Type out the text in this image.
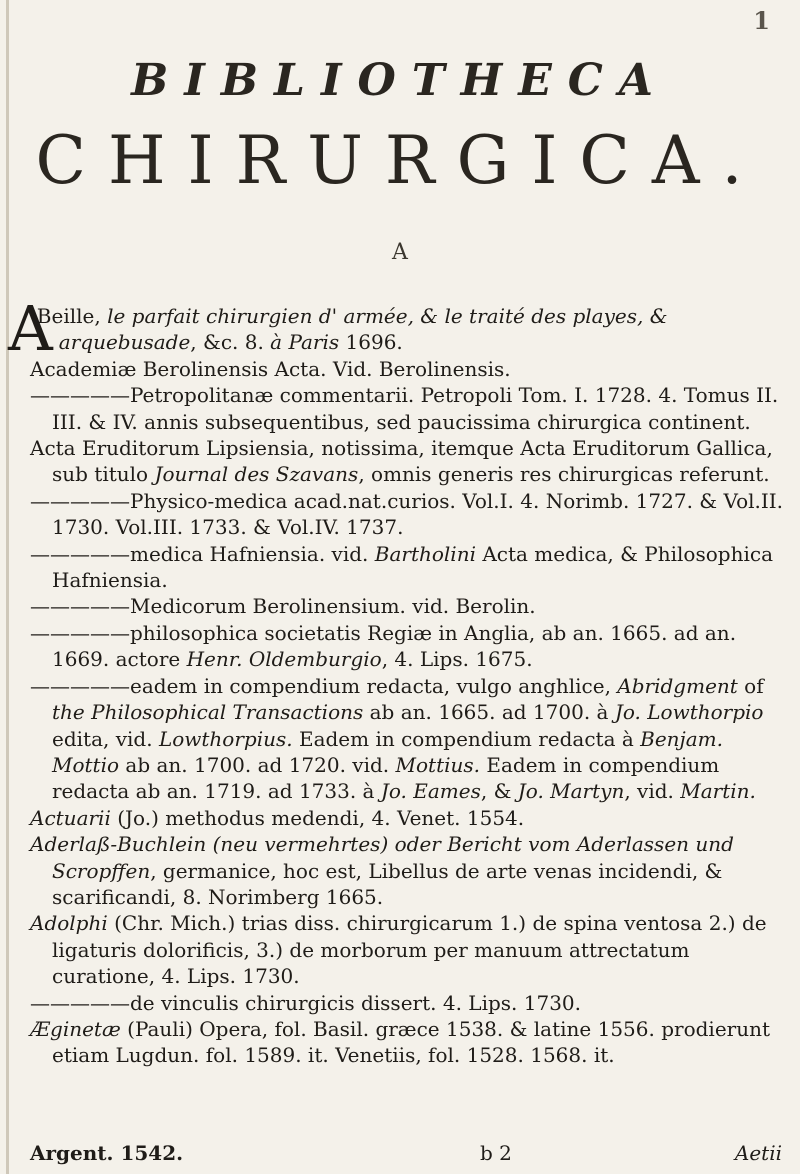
1
BIBLIOTHECA
CHIRURGICA.
A

A
Beille, le parfait chirurgien d' armée, & le traité des playes, & arquebusade, &c. 8. à Paris 1696.

Academiæ Berolinensis Acta. Vid. Berolinensis.

—————Petropolitanæ commentarii. Petropoli Tom. I. 1728. 4. Tomus II. III. & IV. annis subsequentibus, sed paucissima chirurgica continent.

Acta Eruditorum Lipsiensia, notissima, itemque Acta Eruditorum Gallica, sub titulo Journal des Szavans, omnis generis res chirurgicas referunt.

—————Physico-medica acad.nat.curios. Vol.I. 4. Norimb. 1727. & Vol.II. 1730. Vol.III. 1733. & Vol.IV. 1737.

—————medica Hafniensia. vid. Bartholini Acta medica, & Philosophica Hafniensia.

—————Medicorum Berolinensium. vid. Berolin.

—————philosophica societatis Regiæ in Anglia, ab an. 1665. ad an. 1669. actore Henr. Oldemburgio, 4. Lips. 1675.

—————eadem in compendium redacta, vulgo anghlice, Abridgment of the Philosophical Transactions ab an. 1665. ad 1700. à Jo. Lowthorpio edita, vid. Lowthorpius. Eadem in compendium redacta à Benjam. Mottio ab an. 1700. ad 1720. vid. Mottius. Eadem in compendium redacta ab an. 1719. ad 1733. à Jo. Eames, & Jo. Martyn, vid. Martin.

Actuarii (Jo.) methodus medendi, 4. Venet. 1554.

Aderlaß-Buchlein (neu vermehrtes) oder Bericht vom Aderlassen und Scropffen, germanice, hoc est, Libellus de arte venas incidendi, & scarificandi, 8. Norimberg 1665.

Adolphi (Chr. Mich.) trias diss. chirurgicarum 1.) de spina ventosa 2.) de ligaturis dolorificis, 3.) de morborum per manuum attrectatum curatione, 4. Lips. 1730.

—————de vinculis chirurgicis dissert. 4. Lips. 1730.

Æginetæ (Pauli) Opera, fol. Basil. græce 1538. & latine 1556. prodierunt etiam Lugdun. fol. 1589. it. Venetiis, fol. 1528. 1568. it.

Argent. 1542.	b 2	Aetii
